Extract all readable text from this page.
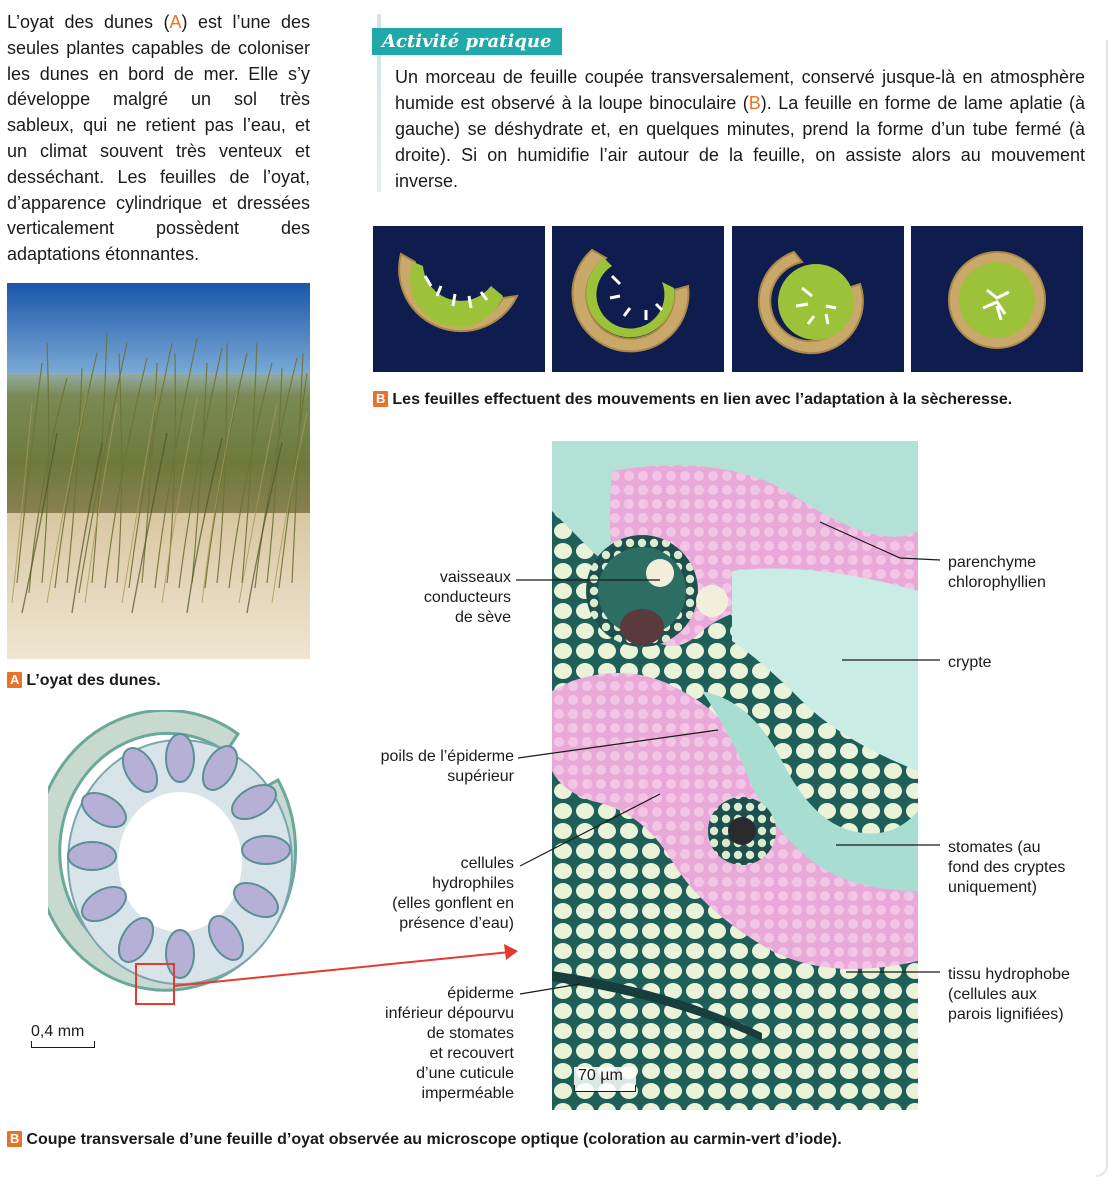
L’oyat des dunes (A) est l’une des seules plantes capables de coloniser les dunes en bord de mer. Elle s’y développe malgré un sol très sableux, qui ne retient pas l’eau, et un climat souvent très venteux et desséchant. Les feuilles de l’oyat, d’apparence cylindrique et dressées verticalement possèdent des adaptations étonnantes.
A L’oyat des dunes.
Activité pratique
Un morceau de feuille coupée transversalement, conservé jusque-là en atmosphère humide est observé à la loupe binoculaire (B). La feuille en forme de lame aplatie (à gauche) se déshydrate et, en quelques minutes, prend la forme d’un tube fermé (à droite). Si on humidifie l’air autour de la feuille, on assiste alors au mouvement inverse.
B Les feuilles effectuent des mouvements en lien avec l’adaptation à la sècheresse.
0,4 mm
70 µm
vaisseaux
conducteurs
de sève
poils de l’épiderme
supérieur
cellules
hydrophiles
(elles gonflent en
présence d’eau)
épiderme
inférieur dépourvu
de stomates
et recouvert
d’une cuticule
imperméable
parenchyme
chlorophyllien
crypte
stomates (au
fond des cryptes
uniquement)
tissu hydrophobe
(cellules aux
parois lignifiées)
B Coupe transversale d’une feuille d’oyat observée au microscope optique (coloration au carmin-vert d’iode).
